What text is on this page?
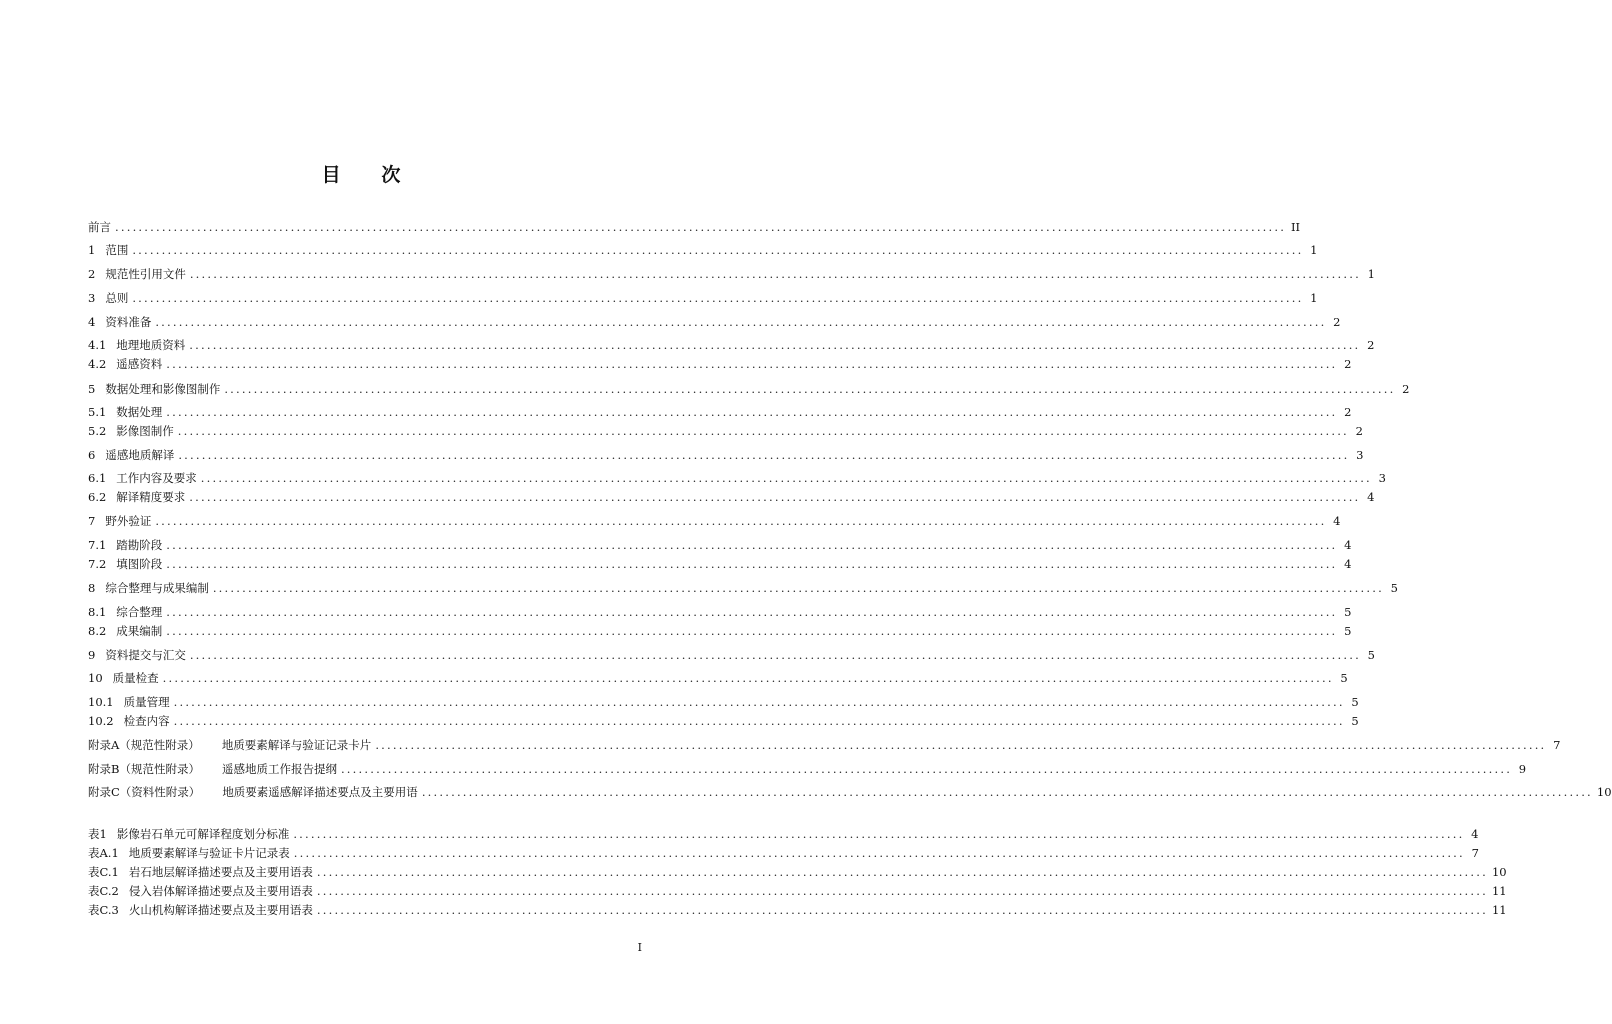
目 次
前言 ........................................................................................................................................................................................................ II
1 范围 ........................................................................................................................................................................................................ 1
2 规范性引用文件 ........................................................................................................................................................................................................ 1
3 总则 ........................................................................................................................................................................................................ 1
4 资料准备 ........................................................................................................................................................................................................ 2
4.1 地理地质资料 ........................................................................................................................................................................................................ 2
4.2 遥感资料 ........................................................................................................................................................................................................ 2
5 数据处理和影像图制作 ........................................................................................................................................................................................................ 2
5.1 数据处理 ........................................................................................................................................................................................................ 2
5.2 影像图制作 ........................................................................................................................................................................................................ 2
6 遥感地质解译 ........................................................................................................................................................................................................ 3
6.1 工作内容及要求 ........................................................................................................................................................................................................ 3
6.2 解译精度要求 ........................................................................................................................................................................................................ 4
7 野外验证 ........................................................................................................................................................................................................ 4
7.1 踏勘阶段 ........................................................................................................................................................................................................ 4
7.2 填图阶段 ........................................................................................................................................................................................................ 4
8 综合整理与成果编制 ........................................................................................................................................................................................................ 5
8.1 综合整理 ........................................................................................................................................................................................................ 5
8.2 成果编制 ........................................................................................................................................................................................................ 5
9 资料提交与汇交 ........................................................................................................................................................................................................ 5
10 质量检查 ........................................................................................................................................................................................................ 5
10.1 质量管理 ........................................................................................................................................................................................................ 5
10.2 检查内容 ........................................................................................................................................................................................................ 5
附录A（规范性附录） 地质要素解译与验证记录卡片 ........................................................................................................................................................................................................ 7
附录B（规范性附录） 遥感地质工作报告提纲 ........................................................................................................................................................................................................ 9
附录C（资料性附录） 地质要素遥感解译描述要点及主要用语 ........................................................................................................................................................................................................ 10
表1 影像岩石单元可解译程度划分标准 ........................................................................................................................................................................................................ 4
表A.1 地质要素解译与验证卡片记录表 ........................................................................................................................................................................................................ 7
表C.1 岩石地层解译描述要点及主要用语表 ........................................................................................................................................................................................................ 10
表C.2 侵入岩体解译描述要点及主要用语表 ........................................................................................................................................................................................................ 11
表C.3 火山机构解译描述要点及主要用语表 ........................................................................................................................................................................................................ 11
I
